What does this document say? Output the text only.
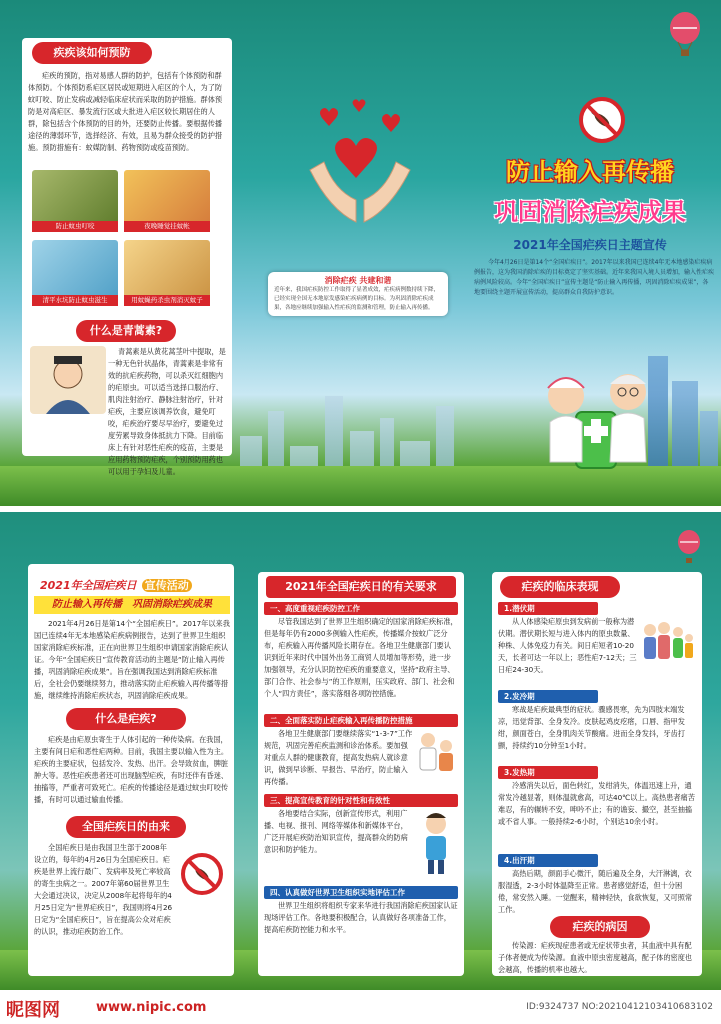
疾疾该如何预防
疟疾的预防，指对易感人群的防护，包括有个体预防和群体预防。个体预防系疟区居民或短期进入疟区的个人，为了防蚊叮咬、防止发病或减轻临床症状而采取的防护措施。群体预防是对高疟区、暴发流行区或大批进入疟区较长期居住的人群，除包括含个体预防的目的外，还要防止传播。要根据传播途径的薄弱环节，选择经济、有效，且易为群众接受的防护措施。预防措施有：蚊媒防制、药物预防或疫苗预防。
防止蚊虫叮咬	夜晚睡觉挂蚊帐
清平水坑防止蚊虫滋生	用蚊蝇药杀虫剂消灭蚊子
什么是青蒿素?
青蒿素是从黄花蒿茎叶中提取，是一种无色针状晶体，青蒿素是非常有效的抗疟疾药物，可以杀灭红细胞内的疟原虫。可以适当选择口服治疗、肌肉注射治疗、静脉注射治疗，针对疟疾，主要应该调养饮食，避免叮咬，疟疾治疗要尽早治疗，要避免过度劳累导致身体抵抗力下降。目前临床上有针对恶性疟疾的疫苗，主要是应用药物预防疟疾，个别预防用药也可以用于孕妇及儿童。
消除疟疾 共建和谐
近年来，我国疟疾防控工作取得了显著成效，疟疾病例数持续下降，已经实现全国无本地原发感染疟疾病例的目标。为巩固消除疟疾成果，各地应继续加强输入性疟疾的监测和管理，防止输入再传播。
防止输入再传播
巩固消除疟疾成果
2021年全国疟疾日主题宣传
今年4月26日是第14个“全国疟疾日”。2017年以来我国已连续4年无本地感染疟疾病例报告，这为我国消除疟疾的目标奠定了坚实基础。近年来我国入境人员增加，输入性疟疾病例风险较高。今年“全国疟疾日”宣传主题是“防止输入再传播，巩固消除疟疾成果”，各地要围绕主题开展宣传活动，提高群众自我防护意识。
2021年全国疟疾日 宣传活动
防止输入再传播　巩固消除疟疾成果
2021年4月26日是第14个“全国疟疾日”。2017年以来我国已连续4年无本地感染疟疾病例报告，达到了世界卫生组织国家消除疟疾标准，正在向世界卫生组织申请国家消除疟疾认证。今年“全国疟疾日”宣传教育活动的主题是“防止输入再传播，巩固消除疟疾成果”。旨在强调我国达到消除疟疾标准后，全社会仍要继续努力，推动落实防止疟疾输入再传播等措施，继续维持消除疟疾状态，巩固消除疟疾成果。
什么是疟疾?
疟疾是由疟原虫寄生于人体引起的一种传染病。在我国，主要有间日疟和恶性疟两种。目前，我国主要以输入性为主。疟疾的主要症状，包括发冷、发热、出汗。会导致贫血，脾脏肿大等。恶性疟疾患者还可出现脑型疟疾，有时还伴有昏迷、抽搐等，严重者可致死亡。疟疾的传播途径是通过蚊虫叮咬传播，有时可以通过输血传播。
全国疟疾日的由来
全国疟疾日是由我国卫生部于2008年设立的，每年的4月26日为全国疟疾日。疟疾是世界上流行最广、发病率及死亡率较高的寄生虫病之一。2007年第60届世界卫生大会通过决议，决定从2008年起将每年的4月25日定为“世界疟疾日”，我国则将4月26日定为“全国疟疾日”，旨在提高公众对疟疾的认识，推动疟疾防治工作。
2021年全国疟疾日的有关要求
一、高度重视疟疾防控工作
尽管我国达到了世界卫生组织确定的国家消除疟疾标准，但是每年仍有2000多例输入性疟疾，传播媒介按蚊广泛分布，疟疾输入再传播风险长期存在。各地卫生健康部门要认识到近年来时代中国外出务工商贸人员增加等形势，进一步加强领导，充分认识防控疟疾的重要意义，坚持“政府主导、部门合作、社会参与”的工作原则，压实政府、部门、社会和个人“四方责任”，落实落细各项防控措施。
二、全面落实防止疟疾输入再传播防控措施
各地卫生健康部门要继续落实“1-3-7”工作规范，巩固完善疟疾监测和诊治体系。要加强对重点人群的健康教育，提高发热病人就诊意识，做到早诊断、早报告、早治疗，防止输入再传播。
三、提高宣传教育的针对性和有效性
各地要结合实际，创新宣传形式，利用广播、电视、报刊、网络等媒体和新媒体平台，广泛开展疟疾防治知识宣传，提高群众的防病意识和防护能力。
四、认真做好世界卫生组织实地评估工作
世界卫生组织将组织专家来华进行我国消除疟疾国家认证现场评估工作。各地要积极配合，认真做好各项准备工作，提高疟疾防控能力和水平。
疟疾的临床表现
1.潜伏期
从人体感染疟原虫到发病前一般称为潜伏期。潜伏期长短与进入体内的原虫数量、种株、人体免疫力有关。间日疟短者10-20天，长者可达一年以上；恶性疟7-12天；三日疟24-30天。
2.发冷期
寒战是疟疾最典型的症状。骤感畏寒，先为四肢末端发凉，迅觉背部、全身发冷。皮肤起鸡皮疙瘩，口唇、指甲发绀，颜面苍白，全身肌肉关节酸痛。进而全身发抖，牙齿打颤，持续约10分钟至1小时。
3.发热期
冷感消失以后，面色转红，发绀消失，体温迅速上升，通常发冷越显著，则体温就愈高，可达40℃以上。高热患者痛苦难忍，有的辗转不安，呻吟不止；有的谵妄、撮空，甚至抽搐或不省人事。一般持续2-6小时，个别达10余小时。
4.出汗期
高热后期，颜面手心微汗，随后遍及全身，大汗淋漓，衣服湿透，2-3小时体温降至正常。患者感觉舒适，但十分困倦，常安然入睡。一觉醒来，精神轻快，食欲恢复，又可照常工作。
疟疾的病因
传染源：疟疾现症患者或无症状带虫者，其血液中具有配子体者便成为传染源。血液中原虫密度越高，配子体的密度也会越高，传播的机率也越大。
昵图网	www.nipic.com	ID:9324737 NO:20210412103410683102
